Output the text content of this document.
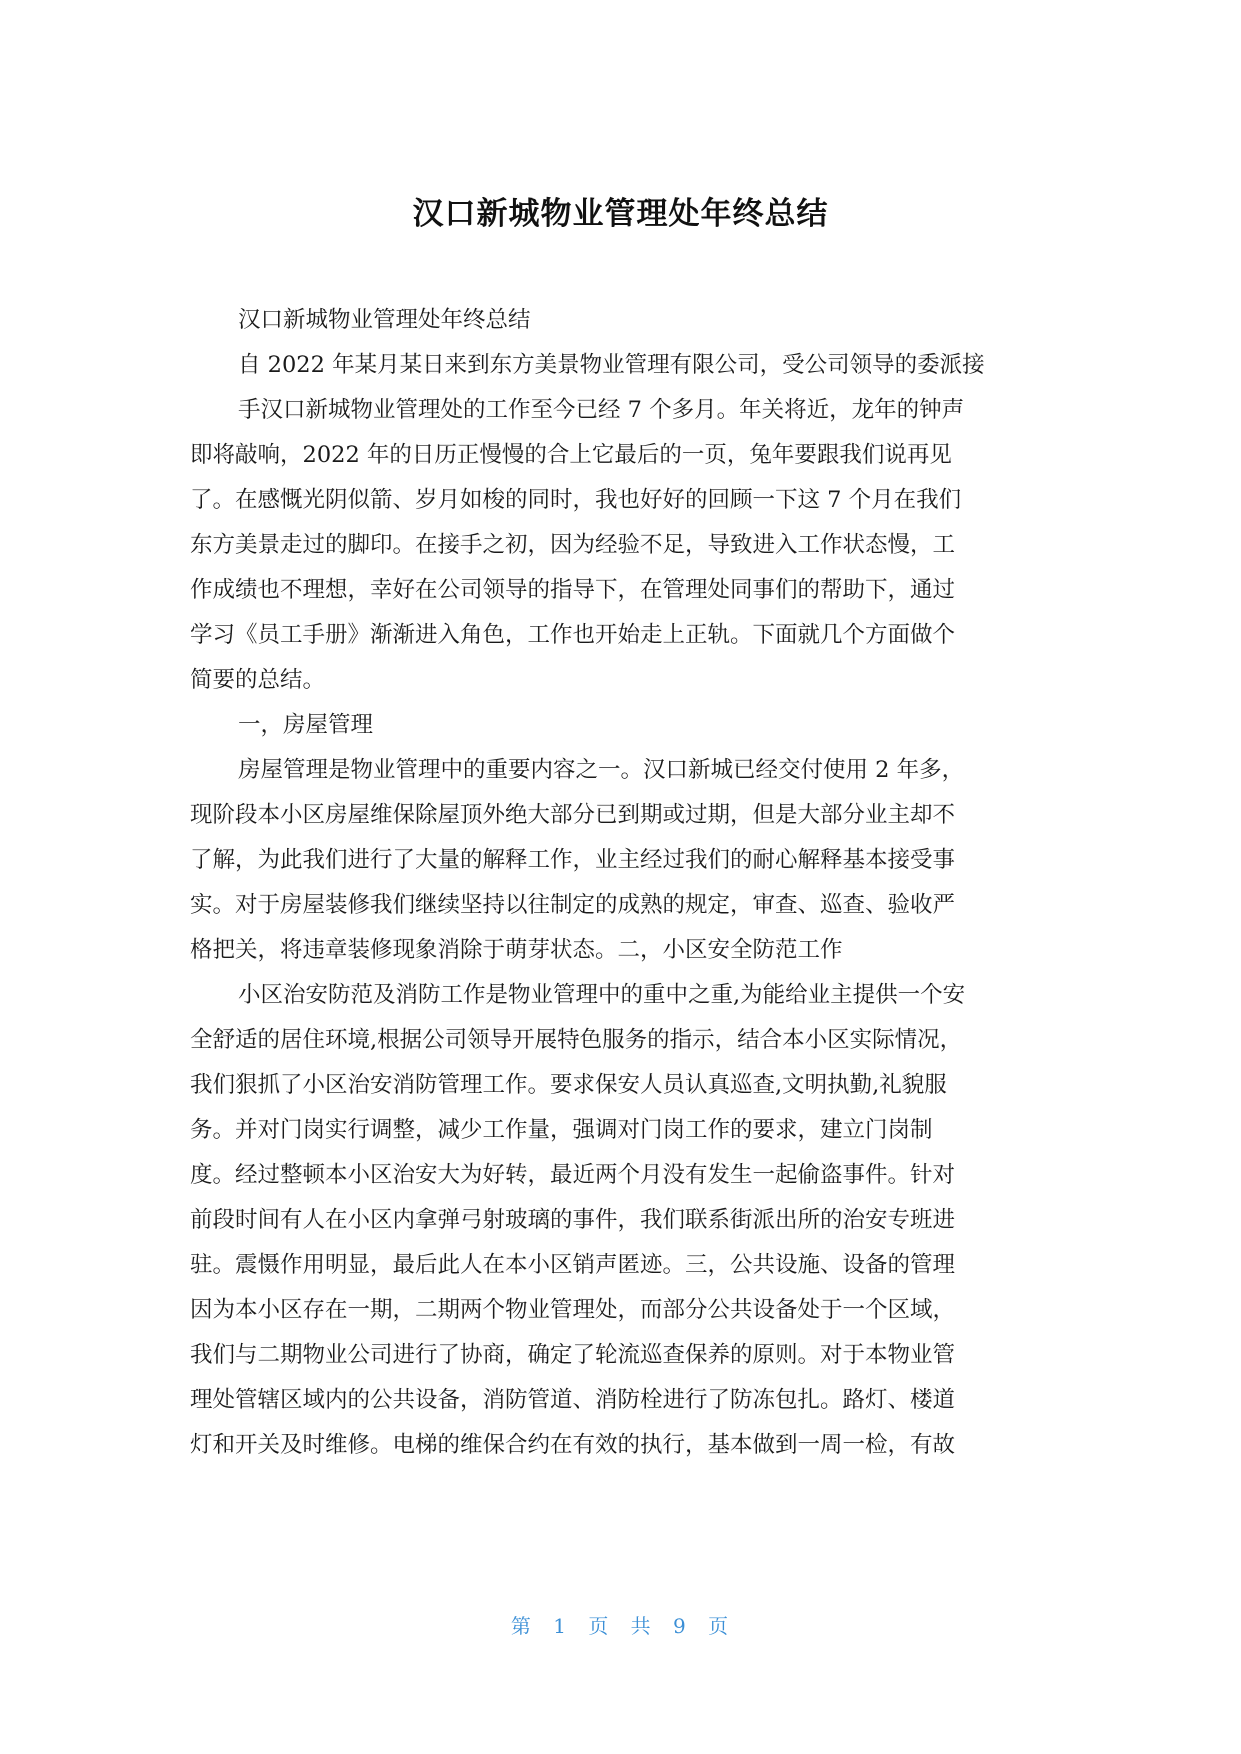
汉口新城物业管理处年终总结
汉口新城物业管理处年终总结
自 2022 年某月某日来到东方美景物业管理有限公司，受公司领导的委派接
手汉口新城物业管理处的工作至今已经 7 个多月。年关将近，龙年的钟声
即将敲响，2022 年的日历正慢慢的合上它最后的一页，兔年要跟我们说再见
了。在感慨光阴似箭、岁月如梭的同时，我也好好的回顾一下这 7 个月在我们
东方美景走过的脚印。在接手之初，因为经验不足，导致进入工作状态慢，工
作成绩也不理想，幸好在公司领导的指导下，在管理处同事们的帮助下，通过
学习《员工手册》渐渐进入角色，工作也开始走上正轨。下面就几个方面做个
简要的总结。
一，房屋管理
房屋管理是物业管理中的重要内容之一。汉口新城已经交付使用 2 年多，
现阶段本小区房屋维保除屋顶外绝大部分已到期或过期，但是大部分业主却不
了解，为此我们进行了大量的解释工作，业主经过我们的耐心解释基本接受事
实。对于房屋装修我们继续坚持以往制定的成熟的规定，审查、巡查、验收严
格把关，将违章装修现象消除于萌芽状态。二，小区安全防范工作
小区治安防范及消防工作是物业管理中的重中之重,为能给业主提供一个安
全舒适的居住环境,根据公司领导开展特色服务的指示，结合本小区实际情况，
我们狠抓了小区治安消防管理工作。要求保安人员认真巡查,文明执勤,礼貌服
务。并对门岗实行调整，减少工作量，强调对门岗工作的要求，建立门岗制
度。经过整顿本小区治安大为好转，最近两个月没有发生一起偷盗事件。针对
前段时间有人在小区内拿弹弓射玻璃的事件，我们联系街派出所的治安专班进
驻。震慑作用明显，最后此人在本小区销声匿迹。三，公共设施、设备的管理
因为本小区存在一期，二期两个物业管理处，而部分公共设备处于一个区域，
我们与二期物业公司进行了协商，确定了轮流巡查保养的原则。对于本物业管
理处管辖区域内的公共设备，消防管道、消防栓进行了防冻包扎。路灯、楼道
灯和开关及时维修。电梯的维保合约在有效的执行，基本做到一周一检，有故
第 1 页 共 9 页
